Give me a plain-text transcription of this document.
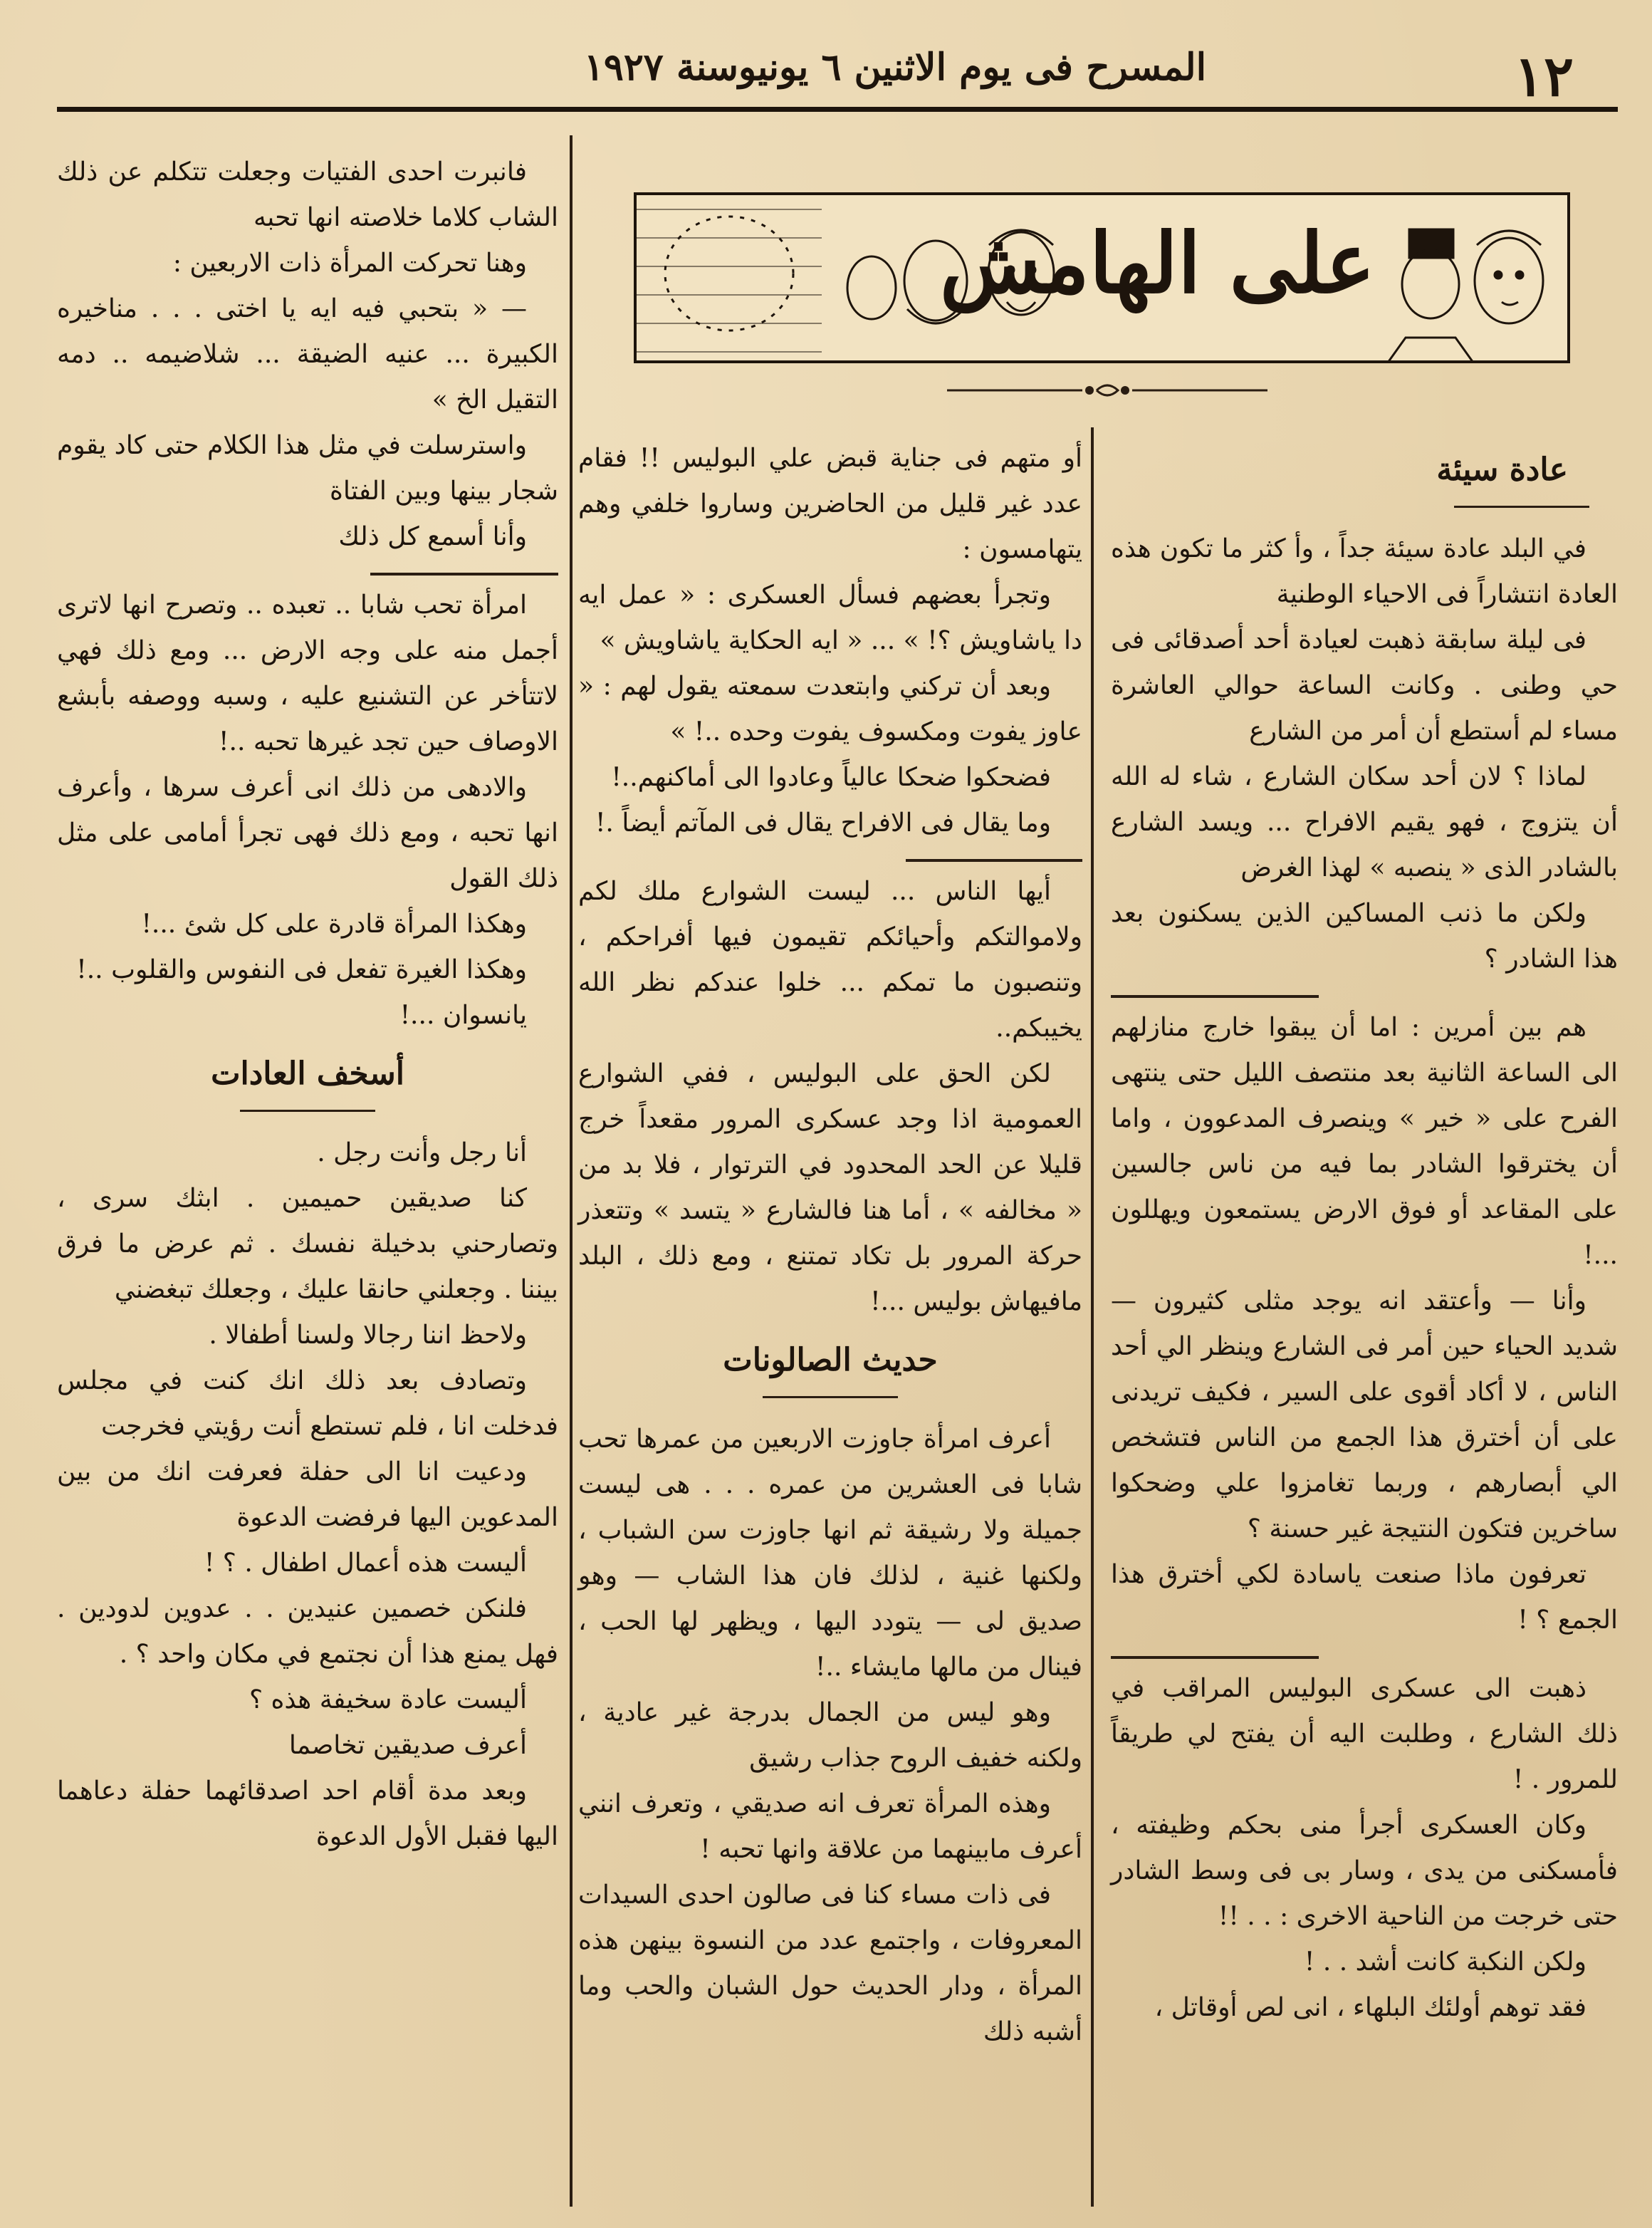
١٢
المسرح فى يوم الاثنين ٦ يونيوسنة ١٩٢٧
على الهامش
عادة سيئة

في البلد عادة سيئة جداً ، وأ كثر ما تكون هذه العادة انتشاراً فى الاحياء الوطنية

فى ليلة سابقة ذهبت لعيادة أحد أصدقائى فى حي وطنى . وكانت الساعة حوالي العاشرة مساء لم أستطع أن أمر من الشارع

لماذا ؟ لان أحد سكان الشارع ، شاء له الله أن يتزوج ، فهو يقيم الافراح ... ويسد الشارع بالشادر الذى « ينصبه » لهذا الغرض

ولكن ما ذنب المساكين الذين يسكنون بعد هذا الشادر ؟

هم بين أمرين : اما أن يبقوا خارج منازلهم الى الساعة الثانية بعد منتصف الليل حتى ينتهى الفرح على « خير » وينصرف المدعوون ، واما أن يخترقوا الشادر بما فيه من ناس جالسين على المقاعد أو فوق الارض يستمعون ويهللون ...!

وأنا — وأعتقد انه يوجد مثلى كثيرون — شديد الحياء حين أمر فى الشارع وينظر الي أحد الناس ، لا أكاد أقوى على السير ، فكيف تريدنى على أن أخترق هذا الجمع من الناس فتشخص الي أبصارهم ، وربما تغامزوا علي وضحكوا ساخرين فتكون النتيجة غير حسنة ؟

تعرفون ماذا صنعت ياسادة لكي أخترق هذا الجمع ؟ !

ذهبت الى عسكرى البوليس المراقب في ذلك الشارع ، وطلبت اليه أن يفتح لي طريقاً للمرور . !

وكان العسكرى أجرأ منى بحكم وظيفته ، فأمسكنى من يدى ، وسار بى فى وسط الشادر حتى خرجت من الناحية الاخرى : . . !!

ولكن النكبة كانت أشد . . !

فقد توهم أولئك البلهاء ، انى لص أوقاتل ،

أو متهم فى جناية قبض علي البوليس !! فقام عدد غير قليل من الحاضرين وساروا خلفي وهم يتهامسون :

وتجرأ بعضهم فسأل العسكرى : « عمل ايه دا ياشاويش ؟! » ... « ايه الحكاية ياشاويش »

وبعد أن تركني وابتعدت سمعته يقول لهم : « عاوز يفوت ومكسوف يفوت وحده ..! »

فضحكوا ضحكا عالياً وعادوا الى أماكنهم..!

وما يقال فى الافراح يقال فى المآتم أيضاً .!

أيها الناس ... ليست الشوارع ملك لكم ولاموالتكم وأحيائكم تقيمون فيها أفراحكم ، وتنصبون ما تمكم ... خلوا عندكم نظر الله يخيبكم..

لكن الحق على البوليس ، ففي الشوارع العمومية اذا وجد عسكرى المرور مقعداً خرج قليلا عن الحد المحدود في الترتوار ، فلا بد من « مخالفه » ، أما هنا فالشارع « يتسد » وتتعذر حركة المرور بل تكاد تمتنع ، ومع ذلك ، البلد مافيهاش بوليس ...!

حديث الصالونات

أعرف امرأة جاوزت الاربعين من عمرها تحب شابا فى العشرين من عمره . . . هى ليست جميلة ولا رشيقة ثم انها جاوزت سن الشباب ، ولكنها غنية ، لذلك فان هذا الشاب — وهو صديق لى — يتودد اليها ، ويظهر لها الحب ، فينال من مالها مايشاء ..!

وهو ليس من الجمال بدرجة غير عادية ، ولكنه خفيف الروح جذاب رشيق

وهذه المرأة تعرف انه صديقي ، وتعرف انني أعرف مابينهما من علاقة وانها تحبه !

فى ذات مساء كنا فى صالون احدى السيدات المعروفات ، واجتمع عدد من النسوة بينهن هذه المرأة ، ودار الحديث حول الشبان والحب وما أشبه ذلك

فانبرت احدى الفتيات وجعلت تتكلم عن ذلك الشاب كلاما خلاصته انها تحبه

وهنا تحركت المرأة ذات الاربعين :

— « بتحبي فيه ايه يا اختى . . . مناخيره الكبيرة ... عنيه الضيقة ... شلاضيمه .. دمه التقيل الخ »

واسترسلت في مثل هذا الكلام حتى كاد يقوم شجار بينها وبين الفتاة

وأنا أسمع كل ذلك

امرأة تحب شابا .. تعبده .. وتصرح انها لاترى أجمل منه على وجه الارض ... ومع ذلك فهي لاتتأخر عن التشنيع عليه ، وسبه ووصفه بأبشع الاوصاف حين تجد غيرها تحبه ..!

والادهى من ذلك انى أعرف سرها ، وأعرف انها تحبه ، ومع ذلك فهى تجرأ أمامى على مثل ذلك القول

وهكذا المرأة قادرة على كل شئ ...!

وهكذا الغيرة تفعل فى النفوس والقلوب ..!

يانسوان ...!

أسخف العادات

أنا رجل وأنت رجل .

كنا صديقين حميمين . ابثك سرى ، وتصارحني بدخيلة نفسك . ثم عرض ما فرق بيننا . وجعلني حانقا عليك ، وجعلك تبغضني

ولاحظ اننا رجالا ولسنا أطفالا .

وتصادف بعد ذلك انك كنت في مجلس فدخلت انا ، فلم تستطع أنت رؤيتي فخرجت

ودعيت انا الى حفلة فعرفت انك من بين المدعوين اليها فرفضت الدعوة

أليست هذه أعمال اطفال . ؟ !

فلنكن خصمين عنيدين . . عدوين لدودين . فهل يمنع هذا أن نجتمع في مكان واحد ؟ .

أليست عادة سخيفة هذه ؟

أعرف صديقين تخاصما

وبعد مدة أقام احد اصدقائهما حفلة دعاهما اليها فقبل الأول الدعوة
